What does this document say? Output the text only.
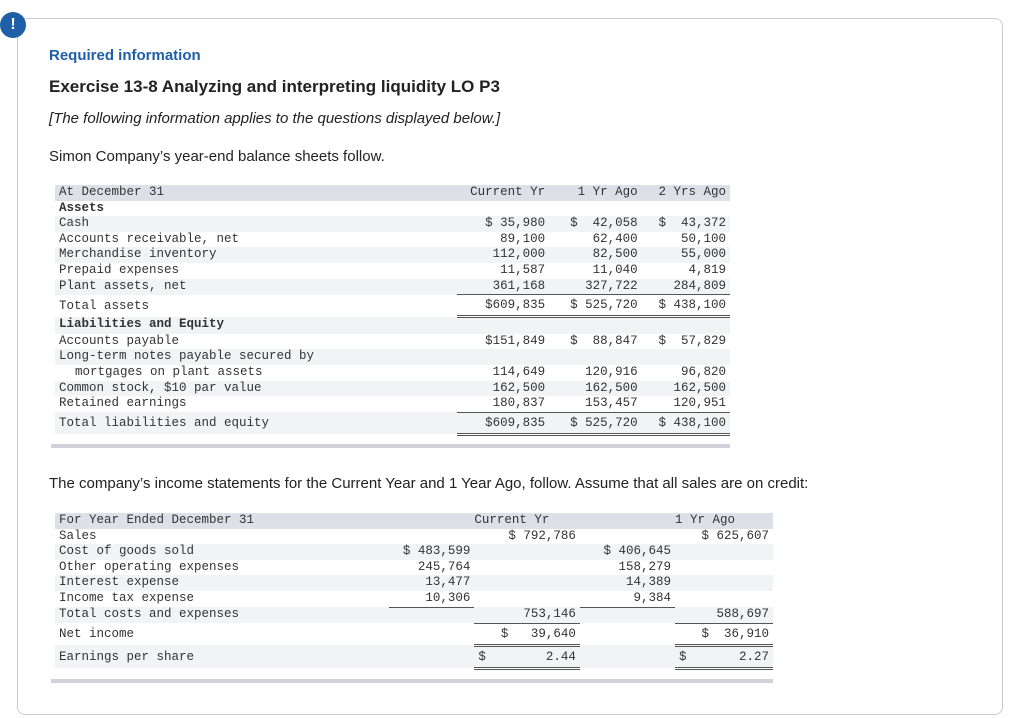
!
Required information
Exercise 13-8 Analyzing and interpreting liquidity LO P3
[The following information applies to the questions displayed below.]
Simon Company’s year-end balance sheets follow.
At December 31	Current Yr	1 Yr Ago	2 Yrs Ago
Assets			
Cash	$ 35,980	$  42,058	$  43,372
Accounts receivable, net	89,100	62,400	50,100
Merchandise inventory	112,000	82,500	55,000
Prepaid expenses	11,587	11,040	4,819
Plant assets, net	361,168	327,722	284,809
Total assets	$609,835	$ 525,720	$ 438,100
Liabilities and Equity			
Accounts payable	$151,849	$  88,847	$  57,829
Long-term notes payable secured by			
mortgages on plant assets	114,649	120,916	96,820
Common stock, $10 par value	162,500	162,500	162,500
Retained earnings	180,837	153,457	120,951
Total liabilities and equity	$609,835	$ 525,720	$ 438,100
The company’s income statements for the Current Year and 1 Year Ago, follow. Assume that all sales are on credit:
For Year Ended December 31		Current Yr		1 Yr Ago
Sales		$ 792,786		$ 625,607
Cost of goods sold	$ 483,599		$ 406,645	
Other operating expenses	245,764		158,279	
Interest expense	13,477		14,389	
Income tax expense	10,306		9,384	
Total costs and expenses		753,146		588,697
Net income		$   39,640		$  36,910
Earnings per share		$        2.44		$       2.27
